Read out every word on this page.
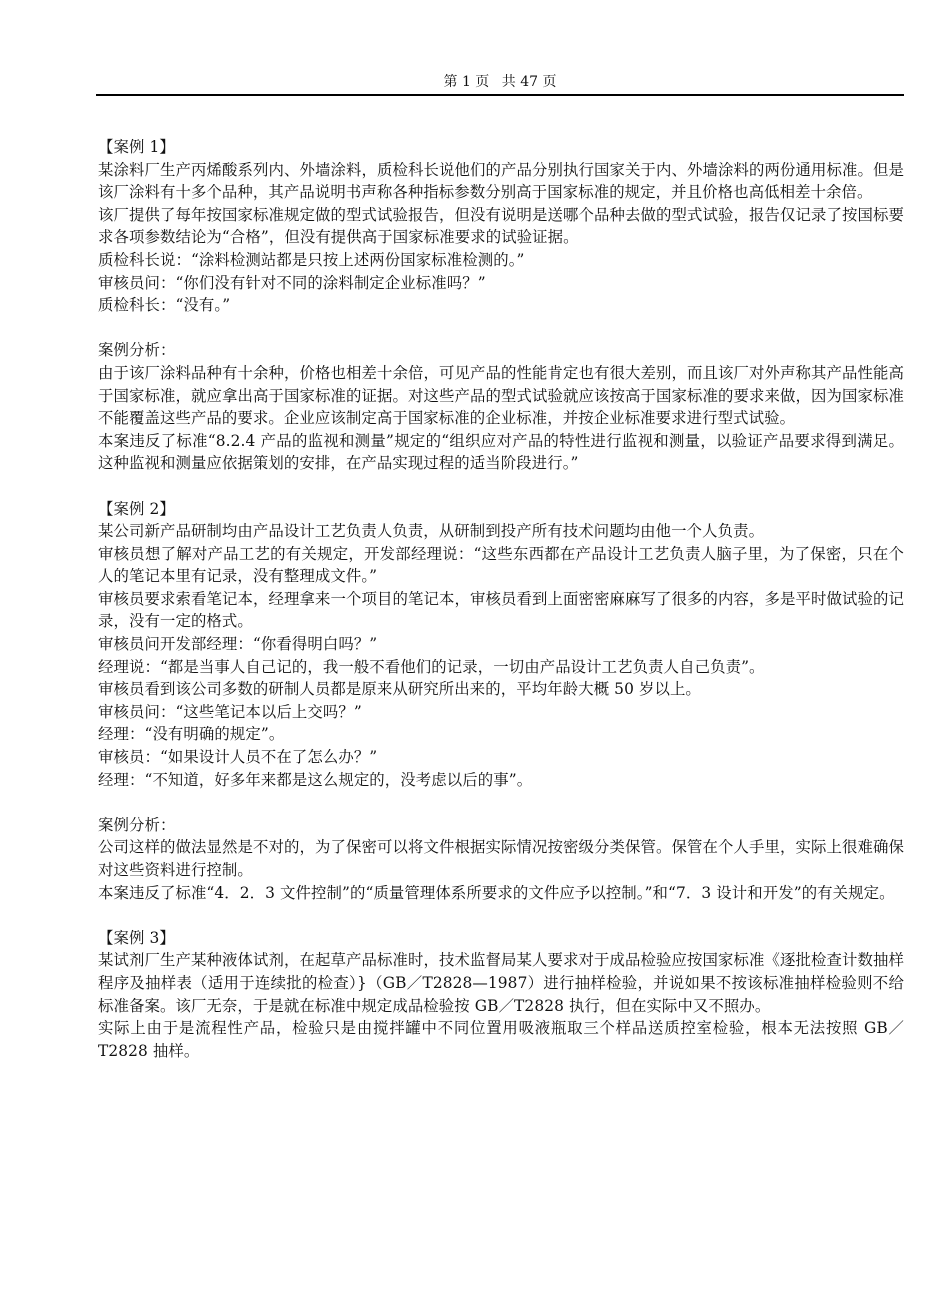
第 1 页 共 47 页

【案例 1】

某涂料厂生产丙烯酸系列内、外墙涂料，质检科长说他们的产品分别执行国家关于内、外墙涂料的两份通用标准。但是该厂涂料有十多个品种，其产品说明书声称各种指标参数分别高于国家标准的规定，并且价格也高低相差十余倍。

该厂提供了每年按国家标准规定做的型式试验报告，但没有说明是送哪个品种去做的型式试验，报告仅记录了按国标要求各项参数结论为“合格”，但没有提供高于国家标准要求的试验证据。

质检科长说：“涂料检测站都是只按上述两份国家标准检测的。”

审核员问：“你们没有针对不同的涂料制定企业标准吗？”

质检科长：“没有。”

案例分析：

由于该厂涂料品种有十余种，价格也相差十余倍，可见产品的性能肯定也有很大差别，而且该厂对外声称其产品性能高于国家标准，就应拿出高于国家标准的证据。对这些产品的型式试验就应该按高于国家标准的要求来做，因为国家标准不能覆盖这些产品的要求。企业应该制定高于国家标准的企业标准，并按企业标准要求进行型式试验。

本案违反了标准“8.2.4 产品的监视和测量”规定的“组织应对产品的特性进行监视和测量，以验证产品要求得到满足。这种监视和测量应依据策划的安排，在产品实现过程的适当阶段进行。”

【案例 2】

某公司新产品研制均由产品设计工艺负责人负责，从研制到投产所有技术问题均由他一个人负责。

审核员想了解对产品工艺的有关规定，开发部经理说：“这些东西都在产品设计工艺负责人脑子里，为了保密，只在个人的笔记本里有记录，没有整理成文件。”

审核员要求索看笔记本，经理拿来一个项目的笔记本，审核员看到上面密密麻麻写了很多的内容，多是平时做试验的记录，没有一定的格式。

审核员问开发部经理：“你看得明白吗？”

经理说：“都是当事人自己记的，我一般不看他们的记录，一切由产品设计工艺负责人自己负责”。

审核员看到该公司多数的研制人员都是原来从研究所出来的，平均年龄大概 50 岁以上。

审核员问：“这些笔记本以后上交吗？”

经理：“没有明确的规定”。

审核员：“如果设计人员不在了怎么办？”

经理：“不知道，好多年来都是这么规定的，没考虑以后的事”。

案例分析：

公司这样的做法显然是不对的，为了保密可以将文件根据实际情况按密级分类保管。保管在个人手里，实际上很难确保对这些资料进行控制。

本案违反了标准“4．2．3 文件控制”的“质量管理体系所要求的文件应予以控制。”和“7．3 设计和开发”的有关规定。

【案例 3】

某试剂厂生产某种液体试剂，在起草产品标准时，技术监督局某人要求对于成品检验应按国家标准《逐批检查计数抽样程序及抽样表（适用于连续批的检查）}（GB／T2828—1987）进行抽样检验，并说如果不按该标准抽样检验则不给标准备案。该厂无奈，于是就在标准中规定成品检验按 GB／T2828 执行，但在实际中又不照办。

实际上由于是流程性产品，检验只是由搅拌罐中不同位置用吸液瓶取三个样品送质控室检验，根本无法按照 GB／T2828 抽样。
